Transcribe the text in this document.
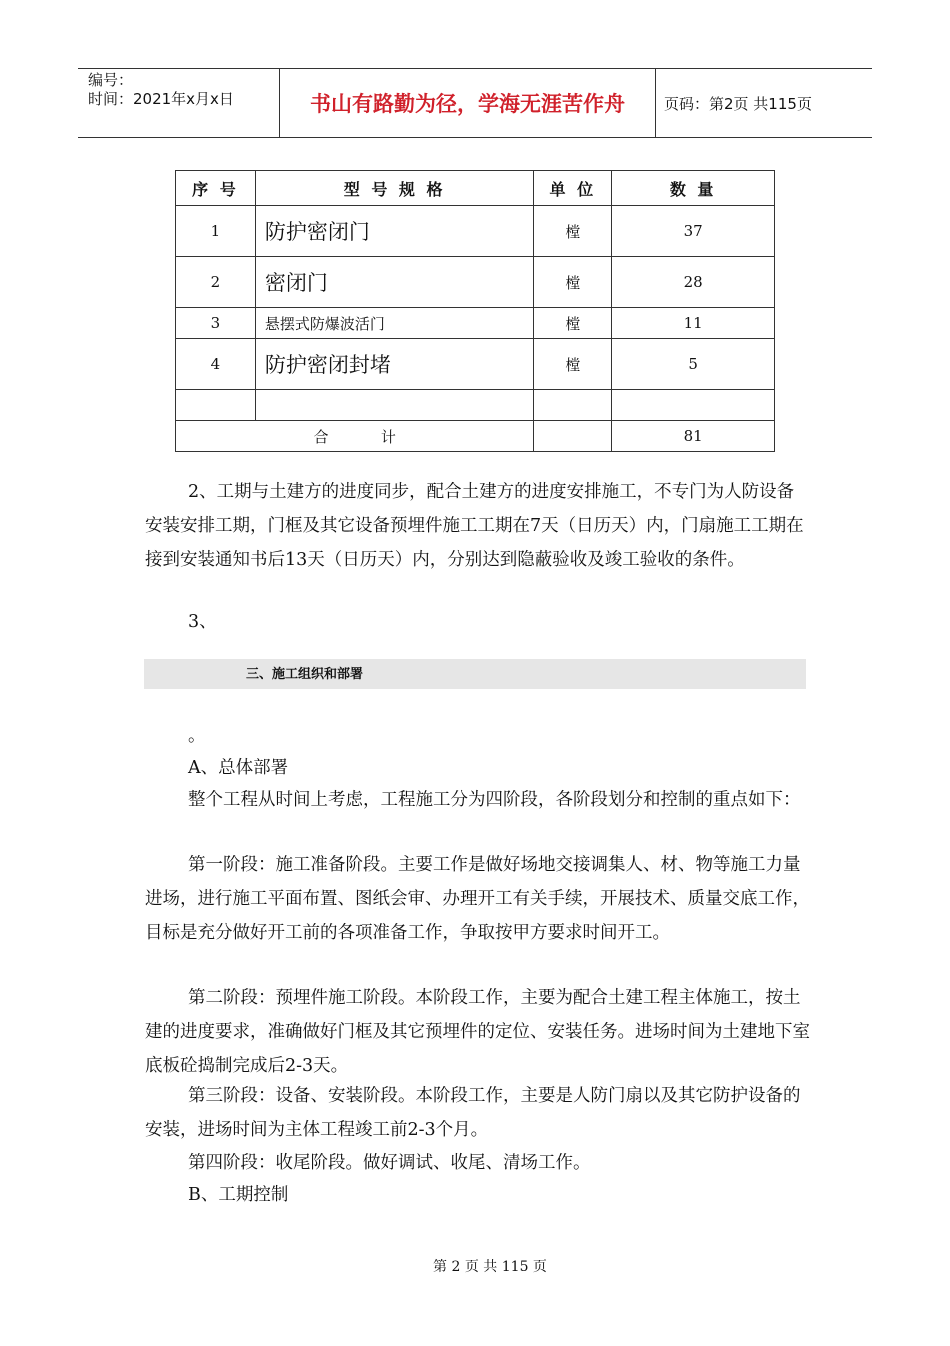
编号：
时间：2021年x月x日	书山有路勤为径，学海无涯苦作舟	页码：第2页 共115页
序 号	型 号 规 格	单 位	数 量
1	防护密闭门	樘	37
2	密闭门	樘	28
3	悬摆式防爆波活门	樘	11
4	防护密闭封堵	樘	5

合           计			81

2、工期与土建方的进度同步，配合土建方的进度安排施工，不专门为人防设备安装安排工期，门框及其它设备预埋件施工工期在7天（日历天）内，门扇施工工期在接到安装通知书后13天（日历天）内，分别达到隐蔽验收及竣工验收的条件。

3、

三、施工组织和部署

。

A、总体部署

整个工程从时间上考虑，工程施工分为四阶段，各阶段划分和控制的重点如下：

第一阶段：施工准备阶段。主要工作是做好场地交接调集人、材、物等施工力量进场，进行施工平面布置、图纸会审、办理开工有关手续，开展技术、质量交底工作，目标是充分做好开工前的各项准备工作，争取按甲方要求时间开工。

第二阶段：预埋件施工阶段。本阶段工作，主要为配合土建工程主体施工，按土建的进度要求，准确做好门框及其它预埋件的定位、安装任务。进场时间为土建地下室底板砼捣制完成后2-3天。

第三阶段：设备、安装阶段。本阶段工作，主要是人防门扇以及其它防护设备的安装，进场时间为主体工程竣工前2-3个月。

第四阶段：收尾阶段。做好调试、收尾、清场工作。

B、工期控制

第 2 页 共 115 页
